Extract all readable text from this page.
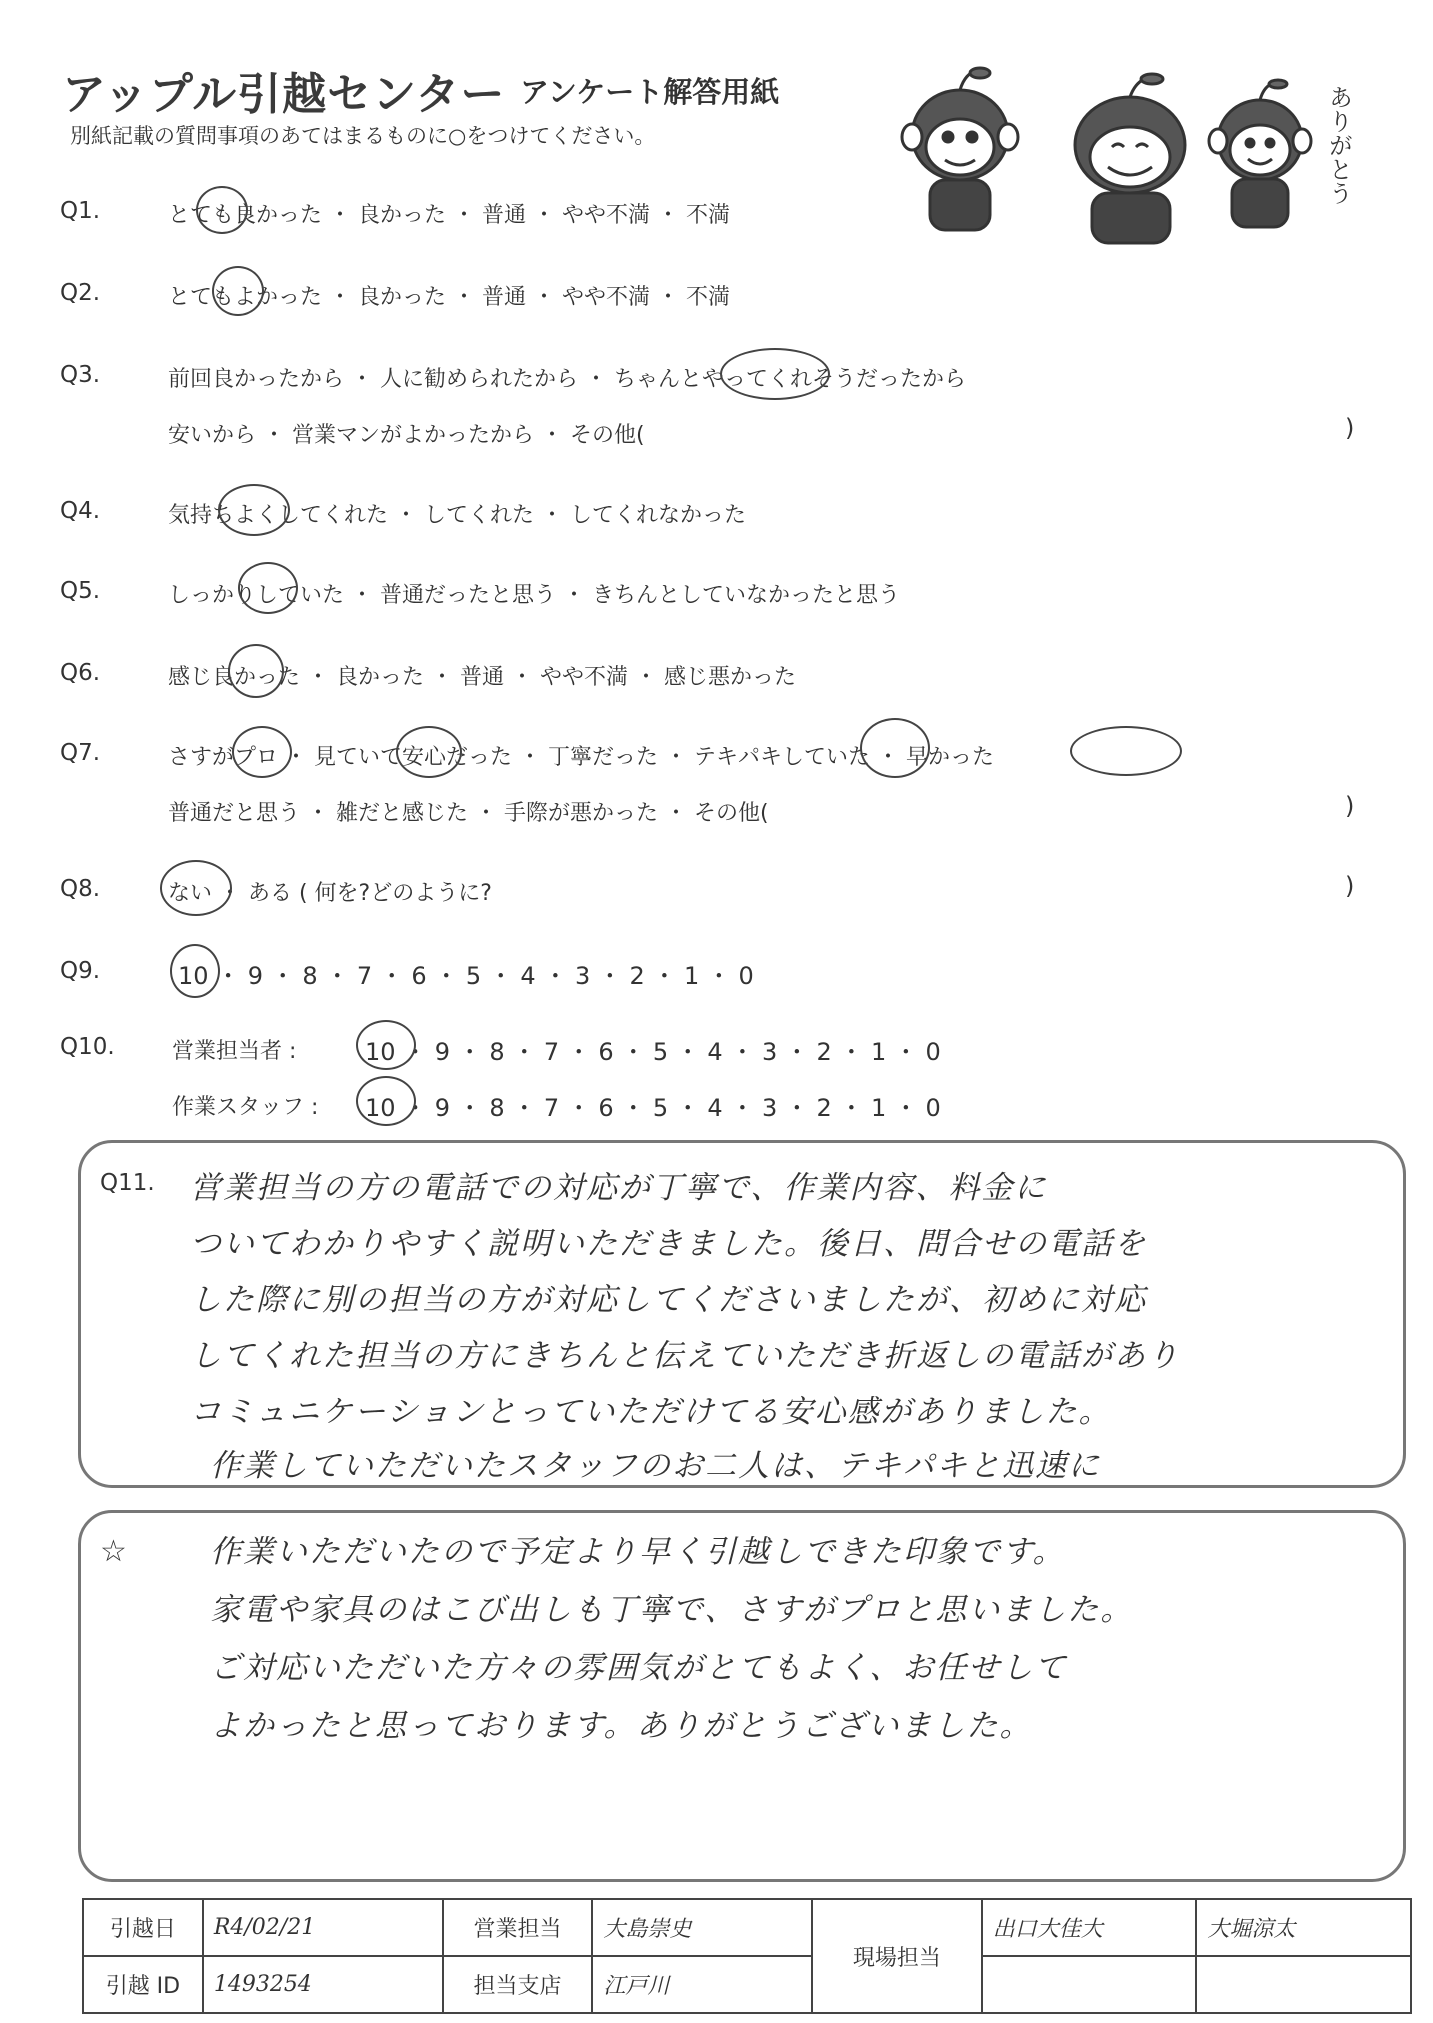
アップル引越センター アンケート解答用紙
別紙記載の質問事項のあてはまるものに○をつけてください。	ありがとう
Q1.	とても良かった ・ 良かった ・ 普通 ・ やや不満 ・ 不満
Q2.	とてもよかった ・ 良かった ・ 普通 ・ やや不満 ・ 不満
Q3.	前回良かったから ・ 人に勧められたから ・ ちゃんとやってくれそうだったから
安いから ・ 営業マンがよかったから ・ その他(	)
Q4.	気持ちよくしてくれた ・ してくれた ・ してくれなかった
Q5.	しっかりしていた ・ 普通だったと思う ・ きちんとしていなかったと思う
Q6.	感じ良かった ・ 良かった ・ 普通 ・ やや不満 ・ 感じ悪かった
Q7.	さすがプロ ・ 見ていて安心だった ・ 丁寧だった ・ テキパキしていた ・ 早かった
普通だと思う ・ 雑だと感じた ・ 手際が悪かった ・ その他(	)
Q8.	ない ・ ある ( 何を?どのように?	)
Q9.	10 ・ 9 ・ 8 ・ 7 ・ 6 ・ 5 ・ 4 ・ 3 ・ 2 ・ 1 ・ 0
Q10.	営業担当者 :	10 ・ 9 ・ 8 ・ 7 ・ 6 ・ 5 ・ 4 ・ 3 ・ 2 ・ 1 ・ 0
作業スタッフ : 10 ・ 9 ・ 8 ・ 7 ・ 6 ・ 5 ・ 4 ・ 3 ・ 2 ・ 1 ・ 0
Q11. 営業担当の方の電話での対応が丁寧で、作業内容、料金に
ついてわかりやすく説明いただきました。後日、問合せの電話を
した際に別の担当の方が対応してくださいましたが、初めに対応
してくれた担当の方にきちんと伝えていただき折返しの電話があり
コミュニケーションとっていただけてる安心感がありました。
作業していただいたスタッフのお二人は、テキパキと迅速に
☆	作業いただいたので予定より早く引越しできた印象です。
家電や家具のはこび出しも丁寧で、さすがプロと思いました。
ご対応いただいた方々の雰囲気がとてもよく、お任せして
よかったと思っております。ありがとうございました。
引越日	R4/02/21	営業担当	大島崇史	現場担当	出口大佳大	大堀涼太
引越 ID	1493254	担当支店	江戸川			
